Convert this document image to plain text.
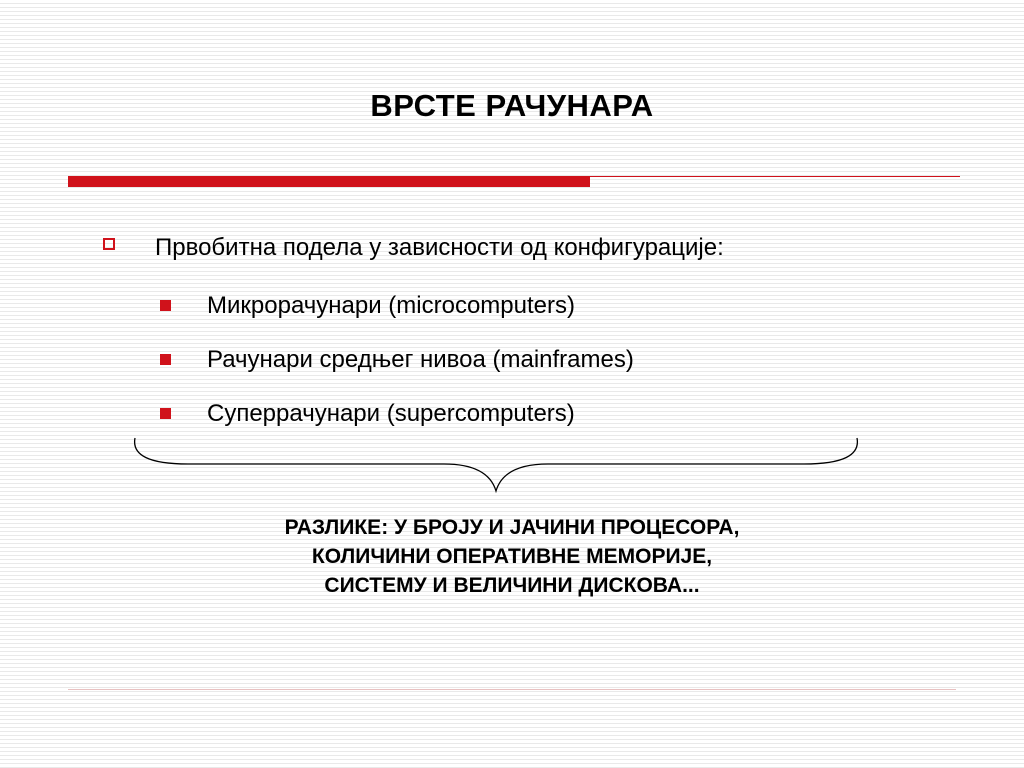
ВРСТЕ РАЧУНАРА
Првобитна подела у зависности од конфигурације:
Микрорачунари (microcomputers)
Рачунари средњег нивоа (mainframes)
Суперрачунари (supercomputers)
РАЗЛИКЕ: У БРОЈУ И ЈАЧИНИ ПРОЦЕСОРА,
КОЛИЧИНИ ОПЕРАТИВНЕ МЕМОРИЈЕ,
СИСТЕМУ И ВЕЛИЧИНИ ДИСКОВА...
